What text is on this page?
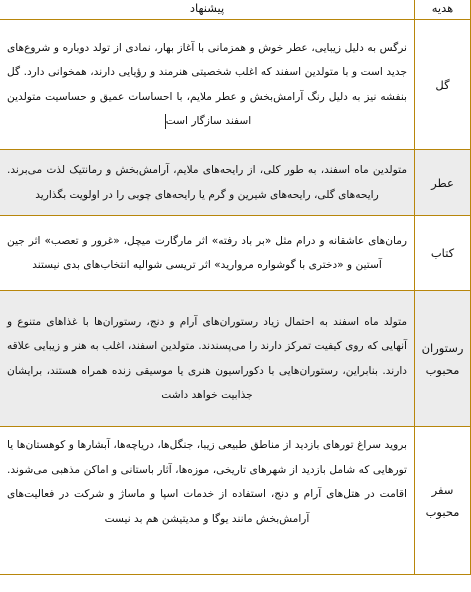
هدیه	پیشنهاد
گل	نرگس به دلیل زیبایی، عطر خوش و همزمانی با آغاز بهار، نمادی از تولد دوباره و شروع‌های جدید است و با متولدین اسفند که اغلب شخصیتی هنرمند و رؤیایی دارند، همخوانی دارد. گل بنفشه نیز به دلیل رنگ آرامش‌بخش و عطر ملایم، با احساسات عمیق و حساسیت متولدین اسفند سازگار است
عطر	متولدین ماه اسفند، به طور کلی، از رایحه‌های ملایم، آرامش‌بخش و رمانتیک لذت می‌برند. رایحه‌های گلی، رایحه‌های شیرین و گرم یا رایحه‌های چوبی را در اولویت بگذارید
کتاب	رمان‌های عاشقانه و درام مثل «بر باد رفته» اثر مارگارت میچل، «غرور و تعصب» اثر جین آستین و «دختری با گوشواره مروارید» اثر تریسی شوالیه انتخاب‌های بدی نیستند
رستوران محبوب	متولد ماه اسفند به احتمال زیاد رستوران‌های آرام و دنج، رستوران‌ها با غذاهای متنوع و آنهایی که روی کیفیت تمرکز دارند را می‌پسندند. متولدین اسفند، اغلب به هنر و زیبایی علاقه دارند. بنابراین، رستوران‌هایی با دکوراسیون هنری یا موسیقی زنده همراه هستند، برایشان جذابیت خواهد داشت
سفر محبوب	بروید سراغ تورهای بازدید از مناطق طبیعی زیبا، جنگل‌ها، دریاچه‌ها، آبشارها و کوهستان‌ها یا تورهایی که شامل بازدید از شهرهای تاریخی، موزه‌ها، آثار باستانی و اماکن مذهبی می‌شوند. اقامت در هتل‌های آرام و دنج، استفاده از خدمات اسپا و ماساژ و شرکت در فعالیت‌های آرامش‌بخش مانند یوگا و مدیتیشن هم بد نیست
